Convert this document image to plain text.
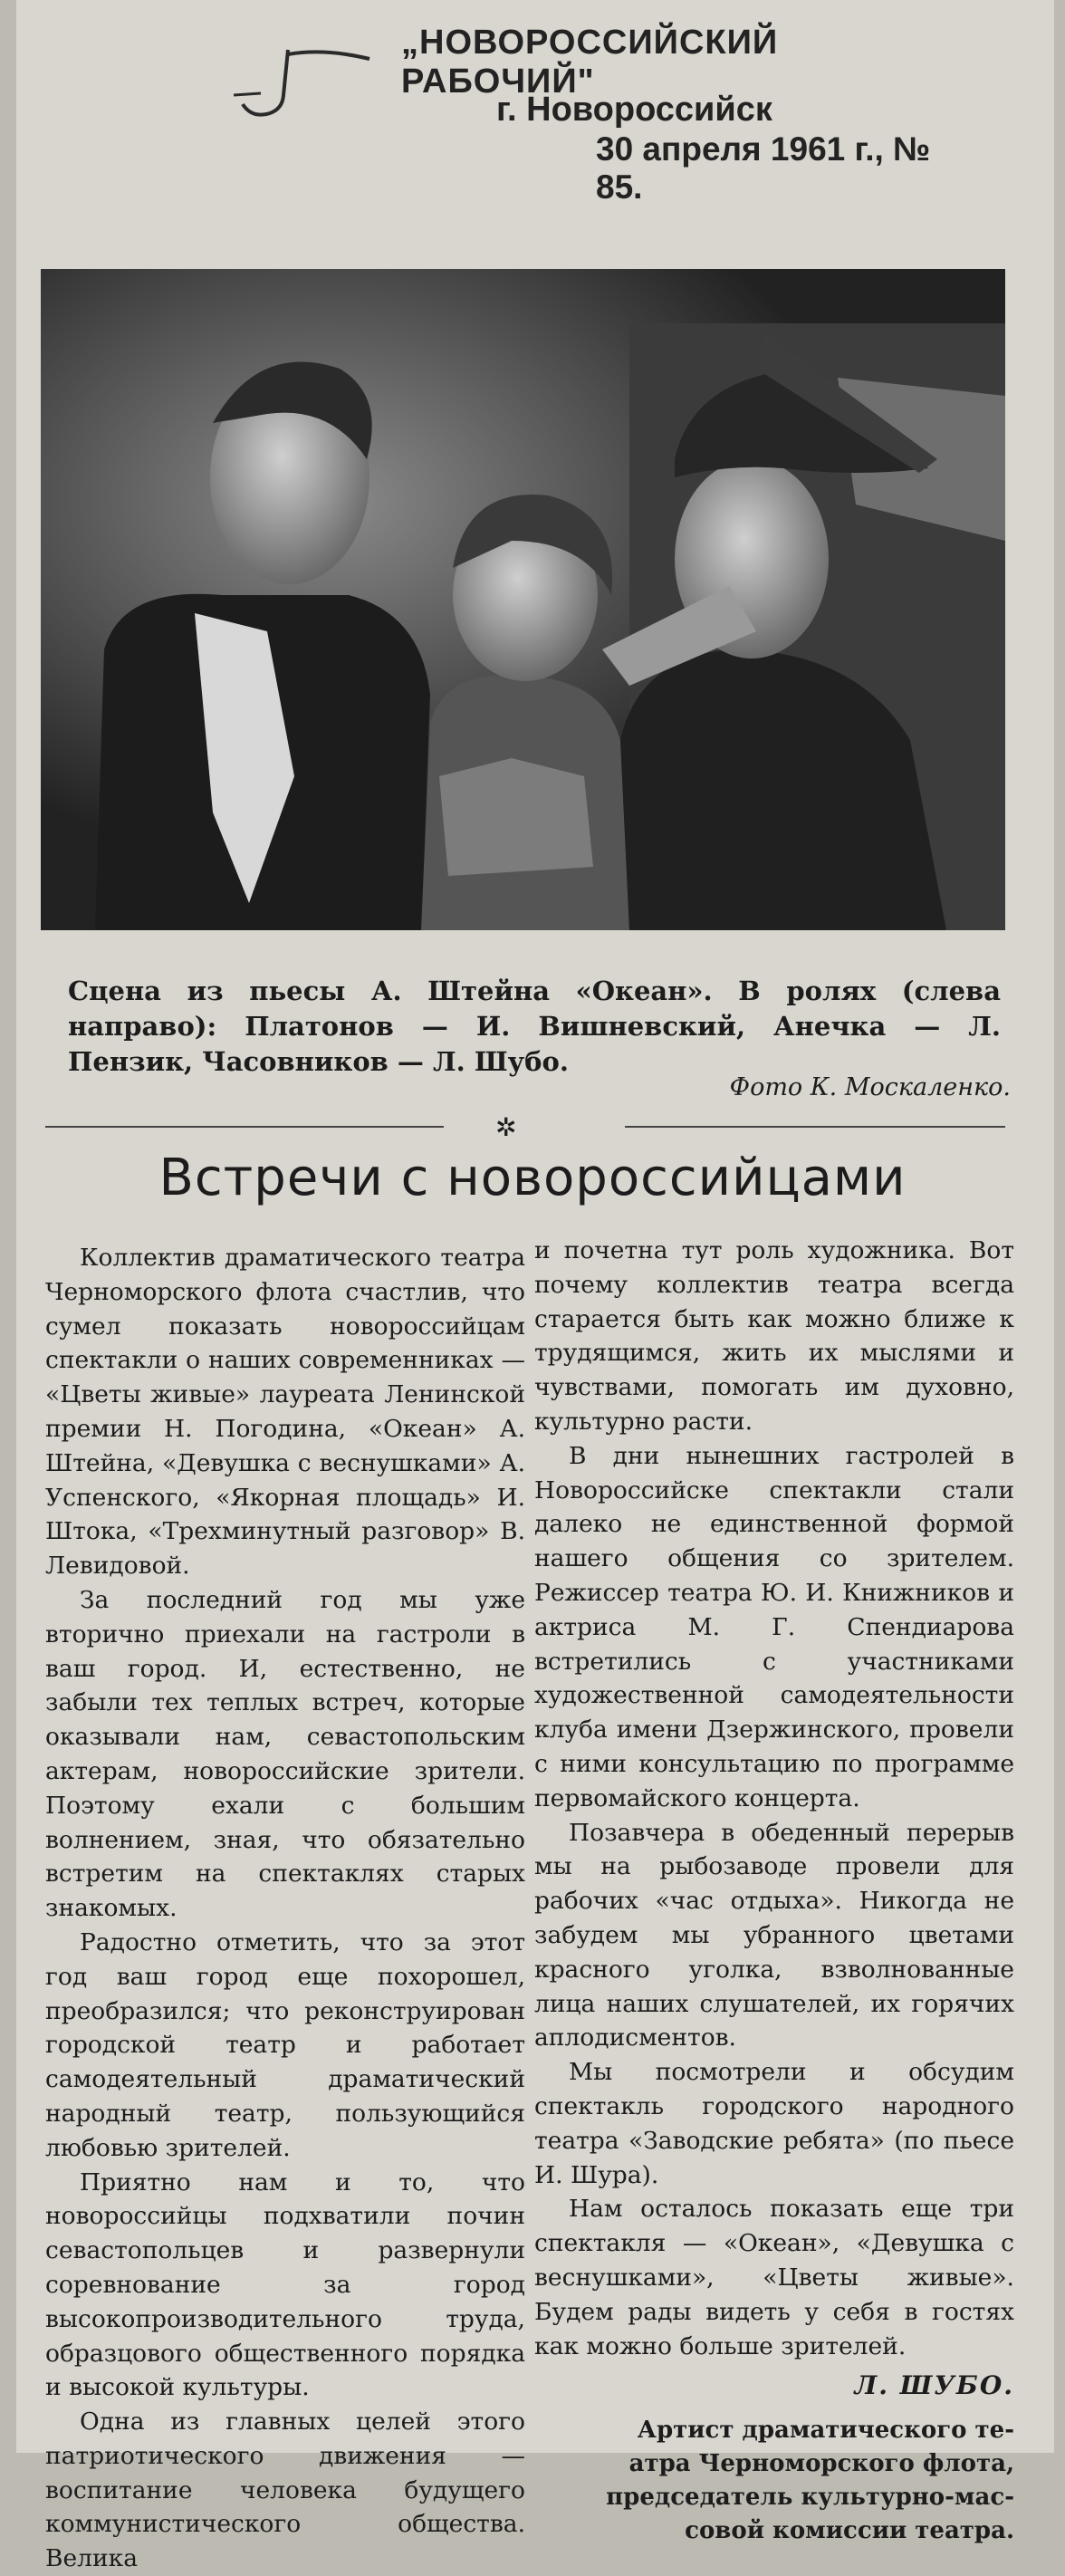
„НОВОРОССИЙСКИЙ РАБОЧИЙ"
г. Новороссийск
30 апреля 1961 г., № 85.
Сцена из пьесы А. Штейна «Океан». В ролях (слева направо): Платонов — И. Вишневский, Анечка — Л. Пензик, Часовников — Л. Шубо.
Фото К. Москаленко.
✲
Встречи с новороссийцами

Коллектив драматического театра Черноморского флота счастлив, что сумел показать новороссийцам спектакли о наших современниках — «Цветы живые» лауреата Ленинской премии Н. Погодина, «Океан» А. Штейна, «Девушка с веснушками» А. Успенского, «Якорная площадь» И. Штока, «Трехминутный разговор» В. Левидовой.

За последний год мы уже вторично приехали на гастроли в ваш город. И, естественно, не забыли тех теплых встреч, которые оказывали нам, севастопольским актерам, новороссийские зрители. Поэтому ехали с большим волнением, зная, что обязательно встретим на спектаклях старых знакомых.

Радостно отметить, что за этот год ваш город еще похорошел, преобразился; что реконструирован городской театр и работает самодеятельный драматический народный театр, пользующийся любовью зрителей.

Приятно нам и то, что новороссийцы подхватили почин севастопольцев и развернули соревнование за город высокопроизводительного труда, образцового общественного порядка и высокой культуры.

Одна из главных целей этого патриотического движения — воспитание человека будущего коммунистического общества. Велика

и почетна тут роль художника. Вот почему коллектив театра всегда старается быть как можно ближе к трудящимся, жить их мыслями и чувствами, помогать им духовно, культурно расти.

В дни нынешних гастролей в Новороссийске спектакли стали далеко не единственной формой нашего общения со зрителем. Режиссер театра Ю. И. Книжников и актриса М. Г. Спендиарова встретились с участниками художественной самодеятельности клуба имени Дзержинского, провели с ними консультацию по программе первомайского концерта.

Позавчера в обеденный перерыв мы на рыбозаводе провели для рабочих «час отдыха». Никогда не забудем мы убранного цветами красного уголка, взволнованные лица наших слушателей, их горячих аплодисментов.

Мы посмотрели и обсудим спектакль городского народного театра «Заводские ребята» (по пьесе И. Шура).

Нам осталось показать еще три спектакля — «Океан», «Девушка с веснушками», «Цветы живые». Будем рады видеть у себя в гостях как можно больше зрителей.

Л. ШУБО.
Артист драматического те-
атра Черноморского флота,
председатель культурно-мас-
совой комиссии театра.
